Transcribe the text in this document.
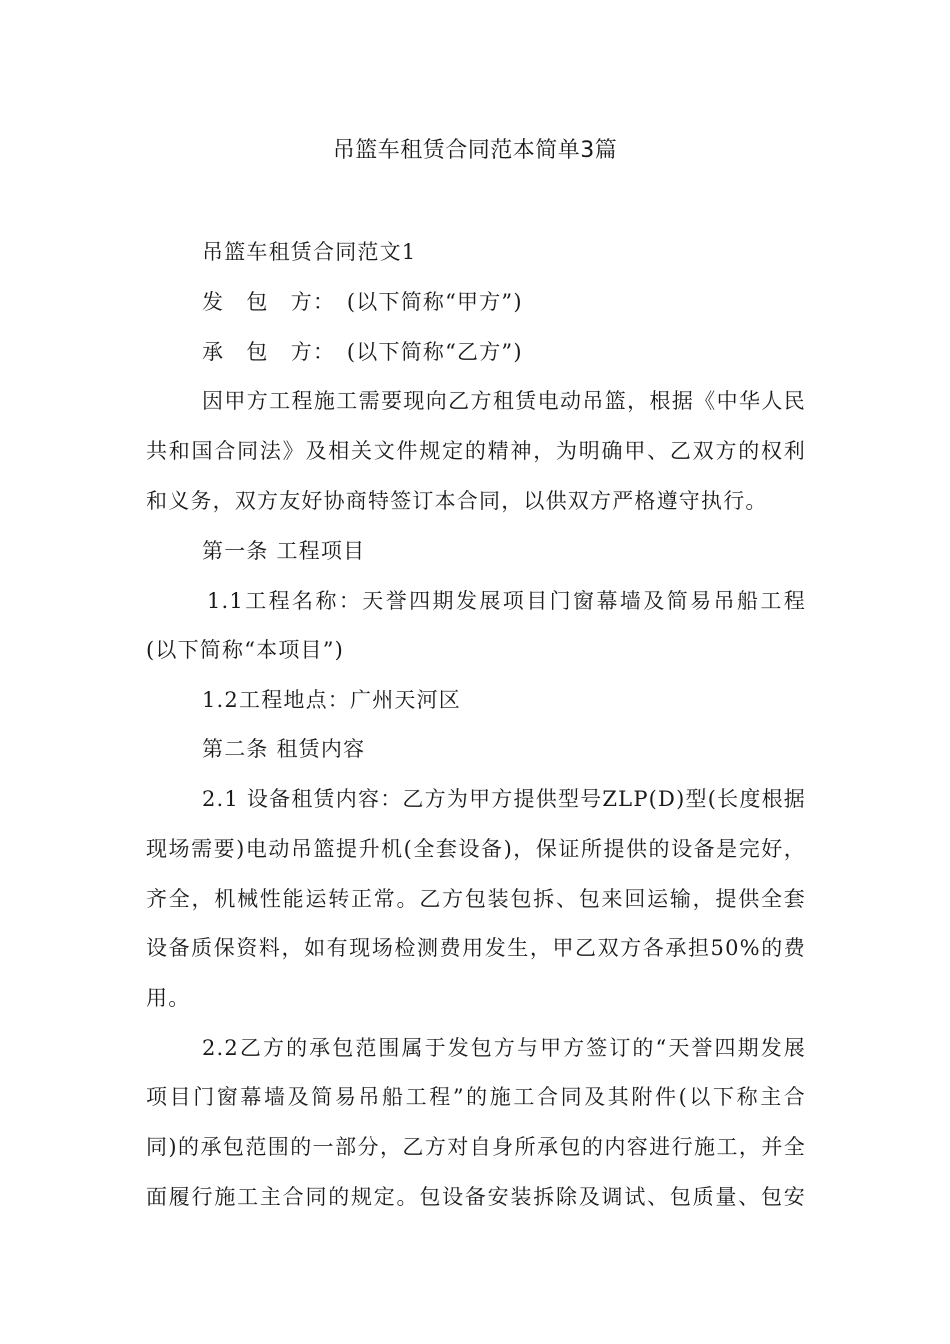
吊篮车租赁合同范本简单3篇
吊篮车租赁合同范文1
发　包　方：　(以下简称“甲方”)
承　包　方：　(以下简称“乙方”)
因甲方工程施工需要现向乙方租赁电动吊篮，根据《中华人民
共和国合同法》及相关文件规定的精神，为明确甲、乙双方的权利
和义务，双方友好协商特签订本合同，以供双方严格遵守执行。
第一条 工程项目
1.1工程名称：天誉四期发展项目门窗幕墙及简易吊船工程
(以下简称“本项目”)
1.2工程地点：广州天河区
第二条 租赁内容
2.1 设备租赁内容：乙方为甲方提供型号ZLP(D)型(长度根据
现场需要)电动吊篮提升机(全套设备)，保证所提供的设备是完好，
齐全，机械性能运转正常。乙方包装包拆、包来回运输，提供全套
设备质保资料，如有现场检测费用发生，甲乙双方各承担50%的费
用。
2.2乙方的承包范围属于发包方与甲方签订的“天誉四期发展
项目门窗幕墙及简易吊船工程”的施工合同及其附件(以下称主合
同)的承包范围的一部分，乙方对自身所承包的内容进行施工，并全
面履行施工主合同的规定。包设备安装拆除及调试、包质量、包安
